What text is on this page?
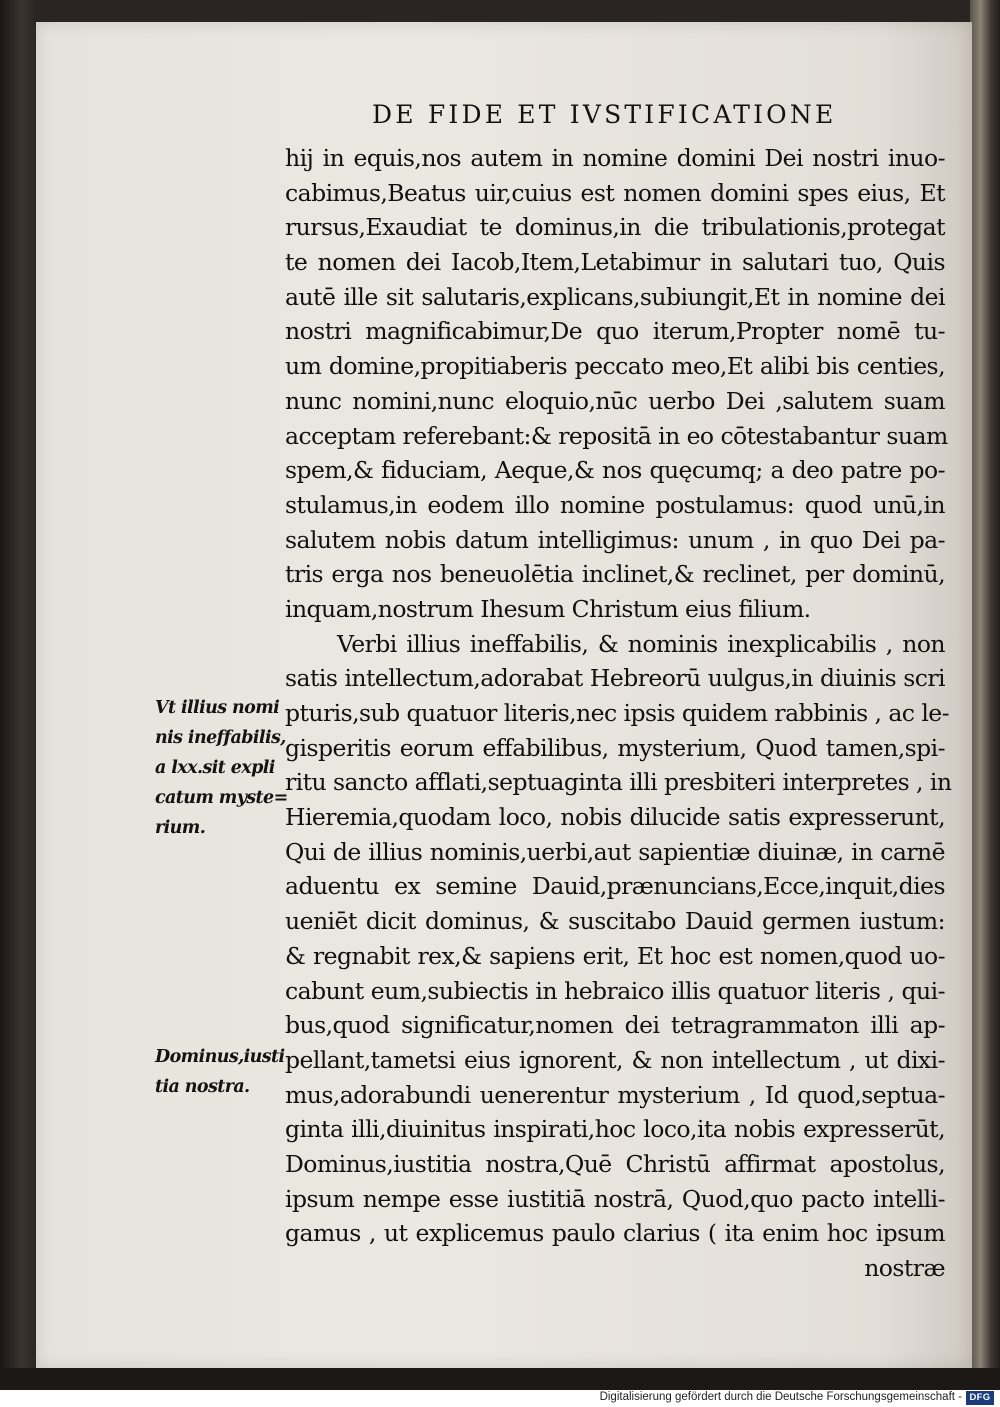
DE FIDE ET IVSTIFICATIONE
hij in equis,nos autem in nomine domini Dei nostri inuo-
cabimus,Beatus uir,cuius est nomen domini spes eius, Et
rursus,Exaudiat te dominus,in die tribulationis,protegat
te nomen dei Iacob,Item,Letabimur in salutari tuo, Quis
autē ille sit salutaris,explicans,subiungit,Et in nomine dei
nostri magnificabimur,De quo iterum,Propter nomē tu-
um domine,propitiaberis peccato meo,Et alibi bis centies,
nunc nomini,nunc eloquio,nūc uerbo Dei ,salutem suam
acceptam referebant:& repositā in eo cōtestabantur suam
spem,& fiduciam, Aeque,& nos quęcumq; a deo patre po-
stulamus,in eodem illo nomine postulamus: quod unū,in
salutem nobis datum intelligimus: unum , in quo Dei pa-
tris erga nos beneuolētia inclinet,& reclinet, per dominū,
inquam,nostrum Ihesum Christum eius filium.
Verbi illius ineffabilis, & nominis inexplicabilis , non
satis intellectum,adorabat Hebreorū uulgus,in diuinis scri
pturis,sub quatuor literis,nec ipsis quidem rabbinis , ac le-
gisperitis eorum effabilibus, mysterium, Quod tamen,spi-
ritu sancto afflati,septuaginta illi presbiteri interpretes , in
Hieremia,quodam loco, nobis dilucide satis expresserunt,
Qui de illius nominis,uerbi,aut sapientiæ diuinæ, in carnē
aduentu ex semine Dauid,prænuncians,Ecce,inquit,dies
ueniēt dicit dominus, & suscitabo Dauid germen iustum:
& regnabit rex,& sapiens erit, Et hoc est nomen,quod uo-
cabunt eum,subiectis in hebraico illis quatuor literis , qui-
bus,quod significatur,nomen dei tetragrammaton illi ap-
pellant,tametsi eius ignorent, & non intellectum , ut dixi-
mus,adorabundi uenerentur mysterium , Id quod,septua-
ginta illi,diuinitus inspirati,hoc loco,ita nobis expresserūt,
Dominus,iustitia nostra,Quē Christū affirmat apostolus,
ipsum nempe esse iustitiā nostrā, Quod,quo pacto intelli-
gamus , ut explicemus paulo clarius ( ita enim hoc ipsum
nostræ
Vt illius nomi
nis ineffabilis,
a lxx.sit expli
catum myste=
rium.
Dominus,iusti
tia nostra.
Digitalisierung gefördert durch die Deutsche Forschungsgemeinschaft - DFG
